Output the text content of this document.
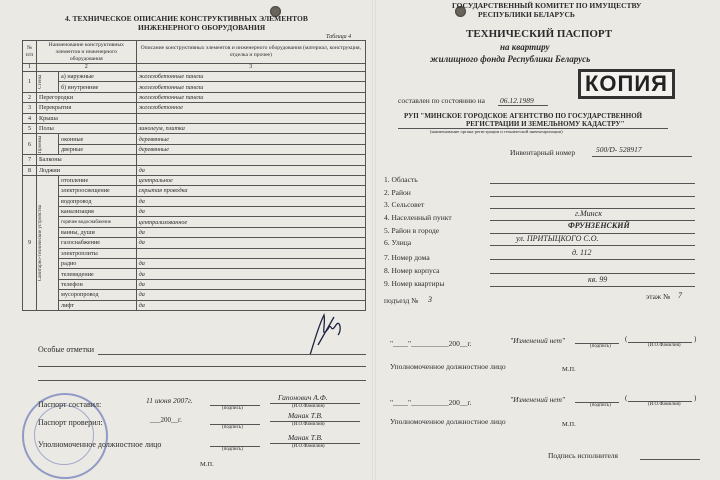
4. ТЕХНИЧЕСКОЕ ОПИСАНИЕ КОНСТРУКТИВНЫХ ЭЛЕМЕНТОВ
ИНЖЕНЕРНОГО ОБОРУДОВАНИЯ
Таблица 4
№ п/п	Наименование конструктивных элементов и инженерного оборудования		Описание конструктивных элементов и инженерного оборудования (материал, конструкция, отделка и прочее)
1	2		3
1	Стены	а) наружные	железобетонные панели
		б) внутренние	железобетонные панели
2	Перегородки		железобетонные панели
3	Перекрытия		железобетонное
4	Крыша		
5	Полы		линолеум, плитка
6	Проемы	оконные	деревянные
		дверные	деревянные
7	Балконы		
8	Лоджии		да
9	Санитарно-технические устройства	отопление	центральное
		электроосвещение	скрытая проводка
		водопровод	да
		канализация	да
		горячее водоснабжение	централизованное
		ванны, души	да
		газоснабжение	да
		электроплиты	
		радио	да
		телевидение	да
		телефон	да
		мусоропровод	да
		лифт	да
Особые отметки
Паспорт составил:	11 июня 2007г.
(подпись)
Гапонович А.Ф.
(И.О.Фамилия)
Паспорт проверил:	___200__г.
(подпись)
Манак Т.В.
(И.О.Фамилия)
Уполномоченное должностное лицо
(подпись)
Манак Т.В.
(И.О.Фамилия)
М.П.
ГОСУДАРСТВЕННЫЙ КОМИТЕТ ПО ИМУЩЕСТВУ
РЕСПУБЛИКИ БЕЛАРУСЬ
ТЕХНИЧЕСКИЙ ПАСПОРТ
на квартиру
жилищного фонда Республики Беларусь
КОПИЯ
составлен по состоянию на 06.12.1989
РУП "МИНСКОЕ ГОРОДСКОЕ АГЕНТСТВО ПО ГОСУДАРСТВЕННОЙ
РЕГИСТРАЦИИ И ЗЕМЕЛЬНОМУ КАДАСТРУ"
(наименование органа регистрации и технической инвентаризации)
Инвентарный номер	500/D- 528917
1. Область
2. Район
3. Сельсовет
4. Населенный пункт	г.Минск
5. Район в городе
ФРУНЗЕНСКИЙ
6. Улица	ул. ПРИТЫЦКОГО С.О.
7. Номер дома
д. 112
8. Номер корпуса
9. Номер квартиры	кв. 99
подъезд № 3	этаж № 7
"____"__________200__г.	"Изменений нет"
(подпись)
(	)
(И.О.Фамилия)
Уполномоченное должностное лицо	М.П.
"____"__________200__г.	"Изменений нет"
(подпись)
(	)
(И.О.Фамилия)
Уполномоченное должностное лицо	М.П.
Подпись исполнителя
